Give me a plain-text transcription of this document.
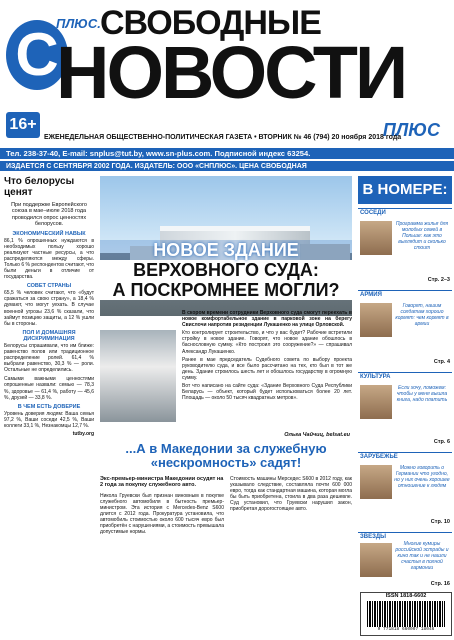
С
ПЛЮС. СВОБОДНЫЕ
НОВОСТИ
16+	ПЛЮС
ЕЖЕНЕДЕЛЬНАЯ ОБЩЕСТВЕННО-ПОЛИТИЧЕСКАЯ ГАЗЕТА • ВТОРНИК № 46 (794) 20 ноября 2018 года
Тел. 238-37-40, E-mail: snplus@tut.by, www.sn-plus.com. Подписной индекс 63254.
ИЗДАЕТСЯ С СЕНТЯБРЯ 2002 ГОДА. ИЗДАТЕЛЬ: ООО «СНПЛЮС». ЦЕНА СВОБОДНАЯ
Что белорусы ценят
При поддержке Европейского союза в мае–июле 2018 года проводился опрос ценностях белорусов.
ЭКОНОМИЧЕСКИЙ НАВЫК
86,1 % опрошенных нуждаются в необходимых пользу хорошо реализуют частные ресурсы, а что распределяются между сферы. Только 6 % респондентов считают, что были деньги в отличие от государства.
СОВЕТ СТРАНЫ
65,5 % человек считают, что «будут сражаться за свою страну», а 18,4 % думают, что могут уехать. В случае военной угрозы 23,6 % сказали, что займут позицию защиты, а 12 % ушли бы в стороны.
ПОЛ И ДОМАШНЯЯ ДИСКРИМИНАЦИЯ
Белорусы спрашивали, что им ближе: равенство полов или традиционное распределение ролей. 61,4 % выбрали равенство, 30,3 % — роли. Остальные не определились.
Самыми важными ценностями опрошенные назвали: семью — 78,3 %, здоровье — 61,4 %, работу — 45,6 %, друзей — 33,8 %.
В ЧЕМ ЕСТЬ ДОВЕРИЕ
Уровень доверия людям: Ваша семья 97,2 %, Ваши соседи 42,5 %, Ваши коллеги 33,1 %, Незнакомцы 12,7 %.
tutby.org
НОВОЕ ЗДАНИЕ
ВЕРХОВНОГО СУДА:
А ПОСКРОМНЕЕ МОГЛИ?
В скором времени сотрудники Верховного суда смогут переехать в новое комфортабельное здание в парковой зоне на берегу Свислочи напротив резиденции Лукашенко на улице Орловской.
Кто контролирует строительство, и что у вас будет? Рабочие встретили стройку в новое здание. Говорят, что новое здание обошлось в баснословную сумму. «Кто построил это сооружение?» — спрашивал Александр Лукашенко.
Ранее в мае председатель Судебного совета по выбору проекта руководителю суда, и все было рассчитано на тех, кто был в тот же день. Здание строилось шесть лет и обошлось государству в огромную сумму.
Вот что написано на сайте суда: «Здание Верховного Суда Республики Беларусь — объект, который будет использоваться более 20 лет. Площадь — около 50 тысяч квадратных метров».
Ольга Чайчиц, belsat.eu
...А в Македонии за служебную «нескромность» садят!
Экс-премьер-министра Македонии осудят на 2 года за покупку служебного авто.
Никола Груевски был признан виновным в покупке служебного автомобиля в бытность премьер-министром. Эта история с Mercedes-Benz S600 длится с 2012 года. Прокуратура установила, что автомобиль стоимостью около 600 тысяч евро был приобретён с нарушениями, а стоимость превышала допустимые нормы.
Стоимость машины Мерседес S600 в 2012 году, как указывало следствие, составляла почти 600 000 евро, тогда как стандартная машина, которая могла бы быть приобретена, стоила в два раза дешевле. Суд установил, что Груевски нарушил закон, приобретая дорогостоящее авто.
В НОМЕРЕ:
СОСЕДИ
Программа жилья для молодых семей в Польше: как это выглядит и сколько стоит
Стр. 2–3
АРМИЯ
Говорят, нашим солдатам хорошо кормят: чем кормят в армии
Стр. 4
КУЛЬТУРА
Если хочу, поможем: чтобы у меня вышла книга, надо платить
Стр. 6
ЗАРУБЕЖЬЕ
Можно говорить о Германии что угодно, но у них очень хорошее отношение к людям
Стр. 10
ЗВЕЗДЫ
Многие кумиры российской эстрады и кино так и не нашли счастья в полной гармонии
Стр. 16
ISSN 1818-6602
9 771818 660007 18046
